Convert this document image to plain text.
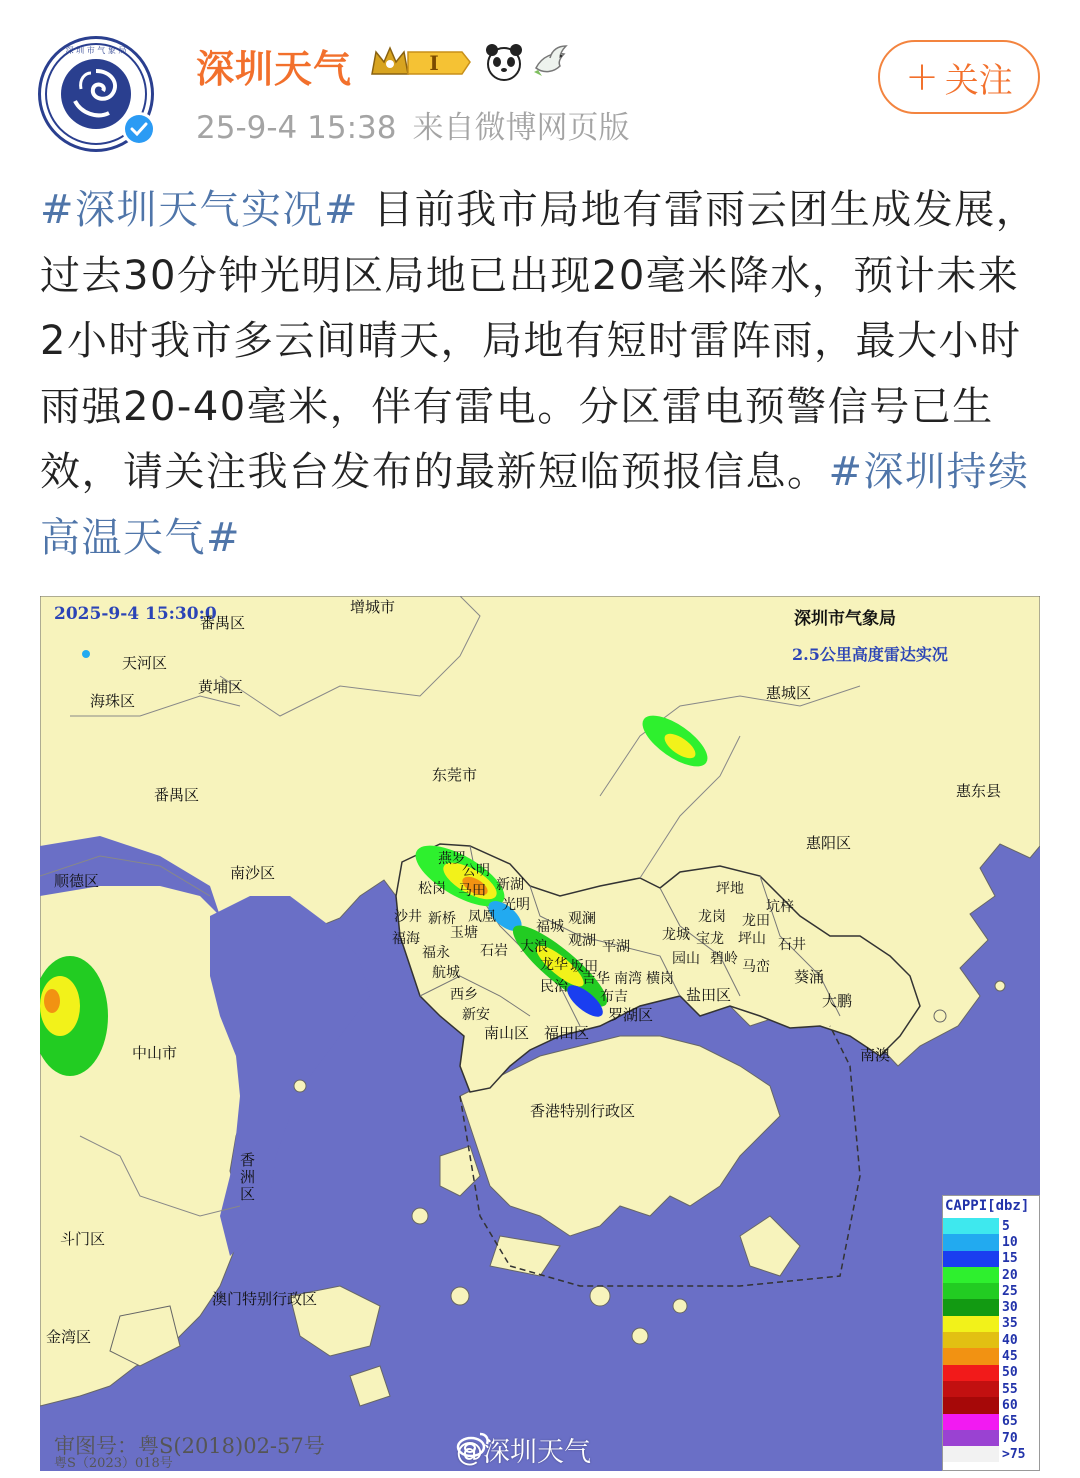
深 圳 市 气 象 局 深圳天气	I
25-9-4 15:38 来自微博网页版
+ 关注
#深圳天气实况# 目前我市局地有雷雨云团生成发展，过去30分钟光明区局地已出现20毫米降水，预计未来2小时我市多云间晴天，局地有短时雷阵雨，最大小时雨强20-40毫米，伴有雷电。分区雷电预警信号已生效，请关注我台发布的最新短临预报信息。#深圳持续高温天气#
2025-9-4 15:30:0	深圳市气象局
2.5公里高度雷达实况
番禺区
增城市
天河区
海珠区
黄埔区	惠城区
东莞市
惠东县
番禺区
惠阳区
顺德区	南沙区
中山市
香洲区
斗门区
金湾区
澳门特别行政区
香港特别行政区
南澳
大鹏
葵涌
盐田区
罗湖区
福田区
南山区
西乡
新安
航城
福永
福海
沙井 新桥
松岗
燕罗
公明
马田
凤凰
玉塘
石岩
新湖
光明
福城 观澜
观湖
大浪
龙华 坂田
民治
平湖
吉华 南湾 横岗
布吉
坪地
龙岗 龙田
坑梓
龙城 宝龙 坪山 石井
园山 碧岭 马峦
审图号：粤S(2018)02-57号
粤S（2023）018号	@深圳天气
CAPPI[dbz]
5
10
15
20
25
30
35
40
45
50
55
60
65
70
>75
